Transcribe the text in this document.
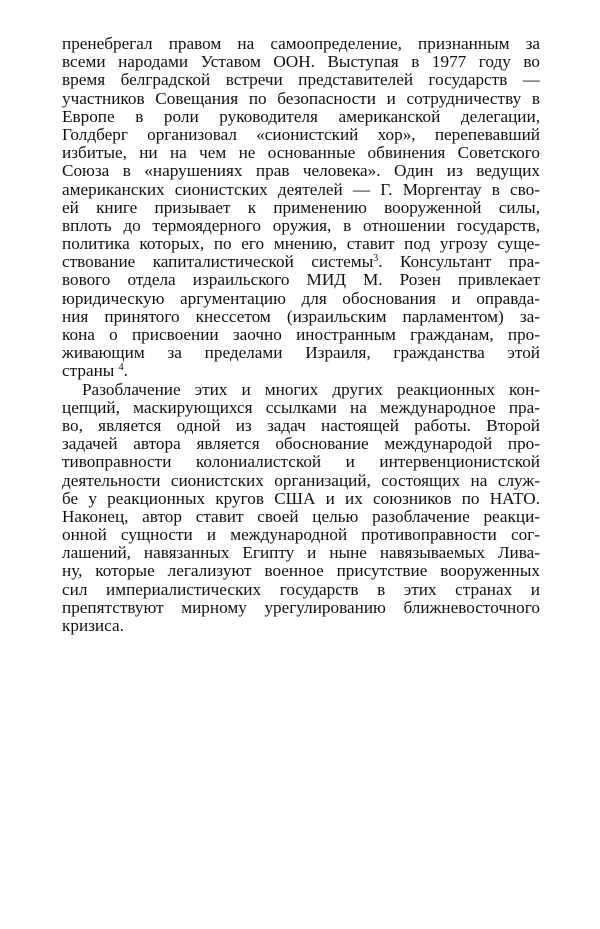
пренебрегал правом на самоопределение, признанным за
всеми народами Уставом ООН. Выступая в 1977 году во
время белградской встречи представителей государств —
участников Совещания по безопасности и сотрудничеству в
Европе в роли руководителя американской делегации,
Голдберг организовал «сионистский хор», перепевавший
избитые, ни на чем не основанные обвинения Советского
Союза в «нарушениях прав человека». Один из ведущих
американских сионистских деятелей — Г. Моргентау в сво-
ей книге призывает к применению вооруженной силы,
вплоть до термоядерного оружия, в отношении государств,
политика которых, по его мнению, ставит под угрозу суще-
ствование капиталистической системы$^3$. Консультант пра-
вового отдела израильского МИД М. Розен привлекает
юридическую аргументацию для обоснования и оправда-
ния принятого кнессетом (израильским парламентом) за-
кона о присвоении заочно иностранным гражданам, про-
живающим за пределами Израиля, гражданства этой
страны $^4$.
Разоблачение этих и многих других реакционных кон-
цепций, маскирующихся ссылками на международное пра-
во, является одной из задач настоящей работы. Второй
задачей автора является обоснование международой про-
тивоправности колониалистской и интервенционистской
деятельности сионистских организаций, состоящих на служ-
бе у реакционных кругов США и их союзников по НАТО.
Наконец, автор ставит своей целью разоблачение реакци-
онной сущности и международной противоправности сог-
лашений, навязанных Египту и ныне навязываемых Лива-
ну, которые легализуют военное присутствие вооруженных
сил империалистических государств в этих странах и
препятствуют мирному урегулированию ближневосточного
кризиса.
